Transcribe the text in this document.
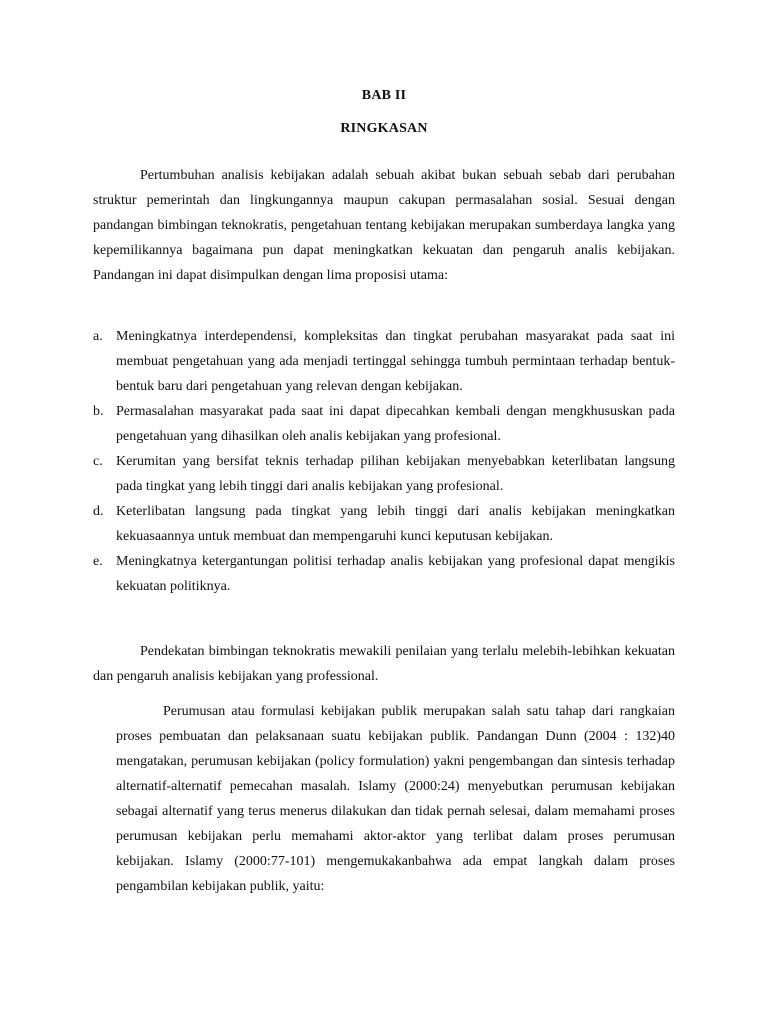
BAB II
RINGKASAN

Pertumbuhan analisis kebijakan adalah sebuah akibat bukan sebuah sebab dari perubahan struktur pemerintah dan lingkungannya maupun cakupan permasalahan sosial. Sesuai dengan pandangan bimbingan teknokratis, pengetahuan tentang kebijakan merupakan sumberdaya langka yang kepemilikannya bagaimana pun dapat meningkatkan kekuatan dan pengaruh analis kebijakan. Pandangan ini dapat disimpulkan dengan lima proposisi utama:

a. Meningkatnya interdependensi, kompleksitas dan tingkat perubahan masyarakat pada saat ini membuat pengetahuan yang ada menjadi tertinggal sehingga tumbuh permintaan terhadap bentuk-bentuk baru dari pengetahuan yang relevan dengan kebijakan.
b. Permasalahan masyarakat pada saat ini dapat dipecahkan kembali dengan mengkhususkan pada pengetahuan yang dihasilkan oleh analis kebijakan yang profesional.
c. Kerumitan yang bersifat teknis terhadap pilihan kebijakan menyebabkan keterlibatan langsung pada tingkat yang lebih tinggi dari analis kebijakan yang profesional.
d. Keterlibatan langsung pada tingkat yang lebih tinggi dari analis kebijakan meningkatkan kekuasaannya untuk membuat dan mempengaruhi kunci keputusan kebijakan.
e. Meningkatnya ketergantungan politisi terhadap analis kebijakan yang profesional dapat mengikis kekuatan politiknya.

Pendekatan bimbingan teknokratis mewakili penilaian yang terlalu melebih-lebihkan kekuatan dan pengaruh analisis kebijakan yang professional.

Perumusan atau formulasi kebijakan publik merupakan salah satu tahap dari rangkaian proses pembuatan dan pelaksanaan suatu kebijakan publik. Pandangan Dunn (2004 : 132)40 mengatakan, perumusan kebijakan (policy formulation) yakni pengembangan dan sintesis terhadap alternatif-alternatif pemecahan masalah. Islamy (2000:24) menyebutkan perumusan kebijakan sebagai alternatif yang terus menerus dilakukan dan tidak pernah selesai, dalam memahami proses perumusan kebijakan perlu memahami aktor-aktor yang terlibat dalam proses perumusan kebijakan. Islamy (2000:77-101) mengemukakanbahwa ada empat langkah dalam proses pengambilan kebijakan publik, yaitu:
